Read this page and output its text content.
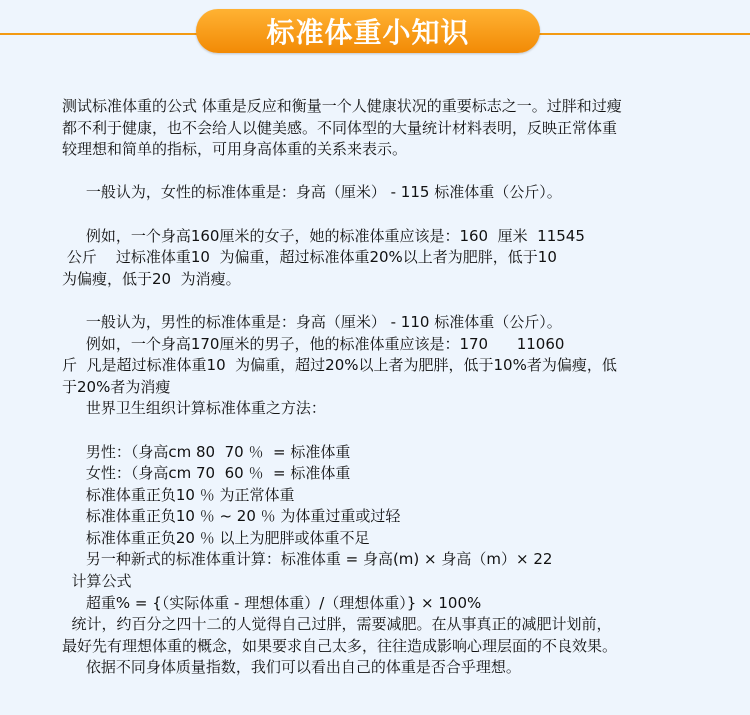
标准体重小知识
测试标准体重的公式 体重是反应和衡量一个人健康状况的重要标志之一。过胖和过瘦
都不利于健康，也不会给人以健美感。不同体型的大量统计材料表明，反映正常体重
较理想和简单的指标，可用身高体重的关系来表示。
一般认为，女性的标准体重是：身高（厘米） - 115 标准体重（公斤）。
例如，一个身高160厘米的女子，她的标准体重应该是：160  厘米  11545
公斤    过标准体重10  为偏重，超过标准体重20%以上者为肥胖，低于10
为偏瘦，低于20  为消瘦。
一般认为，男性的标准体重是：身高（厘米） - 110 标准体重（公斤）。
例如，一个身高170厘米的男子，他的标准体重应该是：170      11060
斤  凡是超过标准体重10  为偏重，超过20%以上者为肥胖，低于10%者为偏瘦，低
于20%者为消瘦
世界卫生组织计算标准体重之方法：
男性：（身高cm 80  70 ％  = 标准体重
女性：（身高cm 70  60 ％  = 标准体重
标准体重正负10 ％ 为正常体重
标准体重正负10 ％ ~ 20 ％ 为体重过重或过轻
标准体重正负20 ％ 以上为肥胖或体重不足
另一种新式的标准体重计算：标准体重 = 身高(m) × 身高（m）× 22
计算公式
超重% = {（实际体重 - 理想体重）/（理想体重）} × 100%
统计，约百分之四十二的人觉得自己过胖，需要减肥。在从事真正的减肥计划前，
最好先有理想体重的概念，如果要求自己太多，往往造成影响心理层面的不良效果。
依据不同身体质量指数，我们可以看出自己的体重是否合乎理想。
